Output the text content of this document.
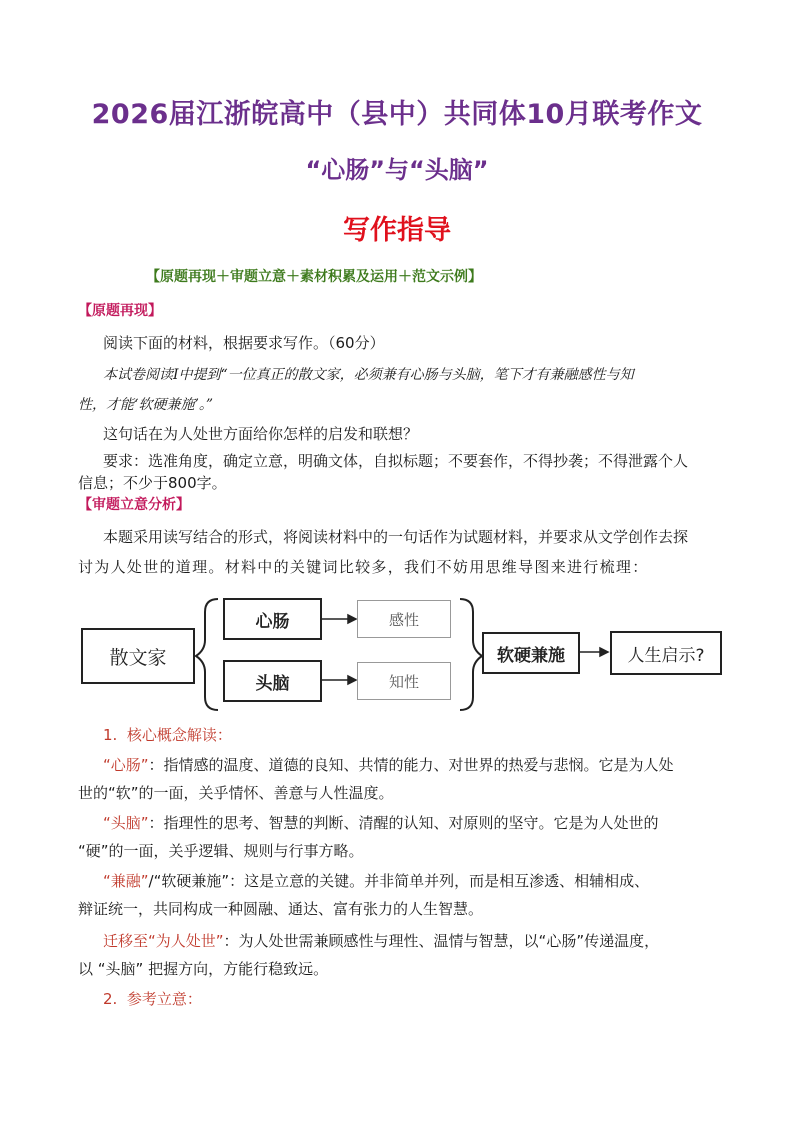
2026届江浙皖高中（县中）共同体10月联考作文
“心肠”与“头脑”
写作指导
【原题再现＋审题立意＋素材积累及运用＋范文示例】
【原题再现】
阅读下面的材料，根据要求写作。（60分）
本试卷阅读Ⅰ中提到“一位真正的散文家，必须兼有心肠与头脑，笔下才有兼融感性与知
性，才能‘软硬兼施’。”
这句话在为人处世方面给你怎样的启发和联想？
要求：选准角度，确定立意，明确文体，自拟标题；不要套作，不得抄袭；不得泄露个人
信息；不少于800字。
【审题立意分析】
本题采用读写结合的形式，将阅读材料中的一句话作为试题材料，并要求从文学创作去探
讨为人处世的道理。材料中的关键词比较多，我们不妨用思维导图来进行梳理：
散文家
心肠
头脑
感性
知性
软硬兼施	人生启示?
1. 核心概念解读：
“心肠”：指情感的温度、道德的良知、共情的能力、对世界的热爱与悲悯。它是为人处
世的“软”的一面，关乎情怀、善意与人性温度。
“头脑”：指理性的思考、智慧的判断、清醒的认知、对原则的坚守。它是为人处世的
“硬”的一面，关乎逻辑、规则与行事方略。
“兼融”/“软硬兼施”：这是立意的关键。并非简单并列，而是相互渗透、相辅相成、
辩证统一，共同构成一种圆融、通达、富有张力的人生智慧。
迁移至“为人处世”：为人处世需兼顾感性与理性、温情与智慧，以“心肠”传递温度，
以 “头脑” 把握方向，方能行稳致远。
2. 参考立意：
